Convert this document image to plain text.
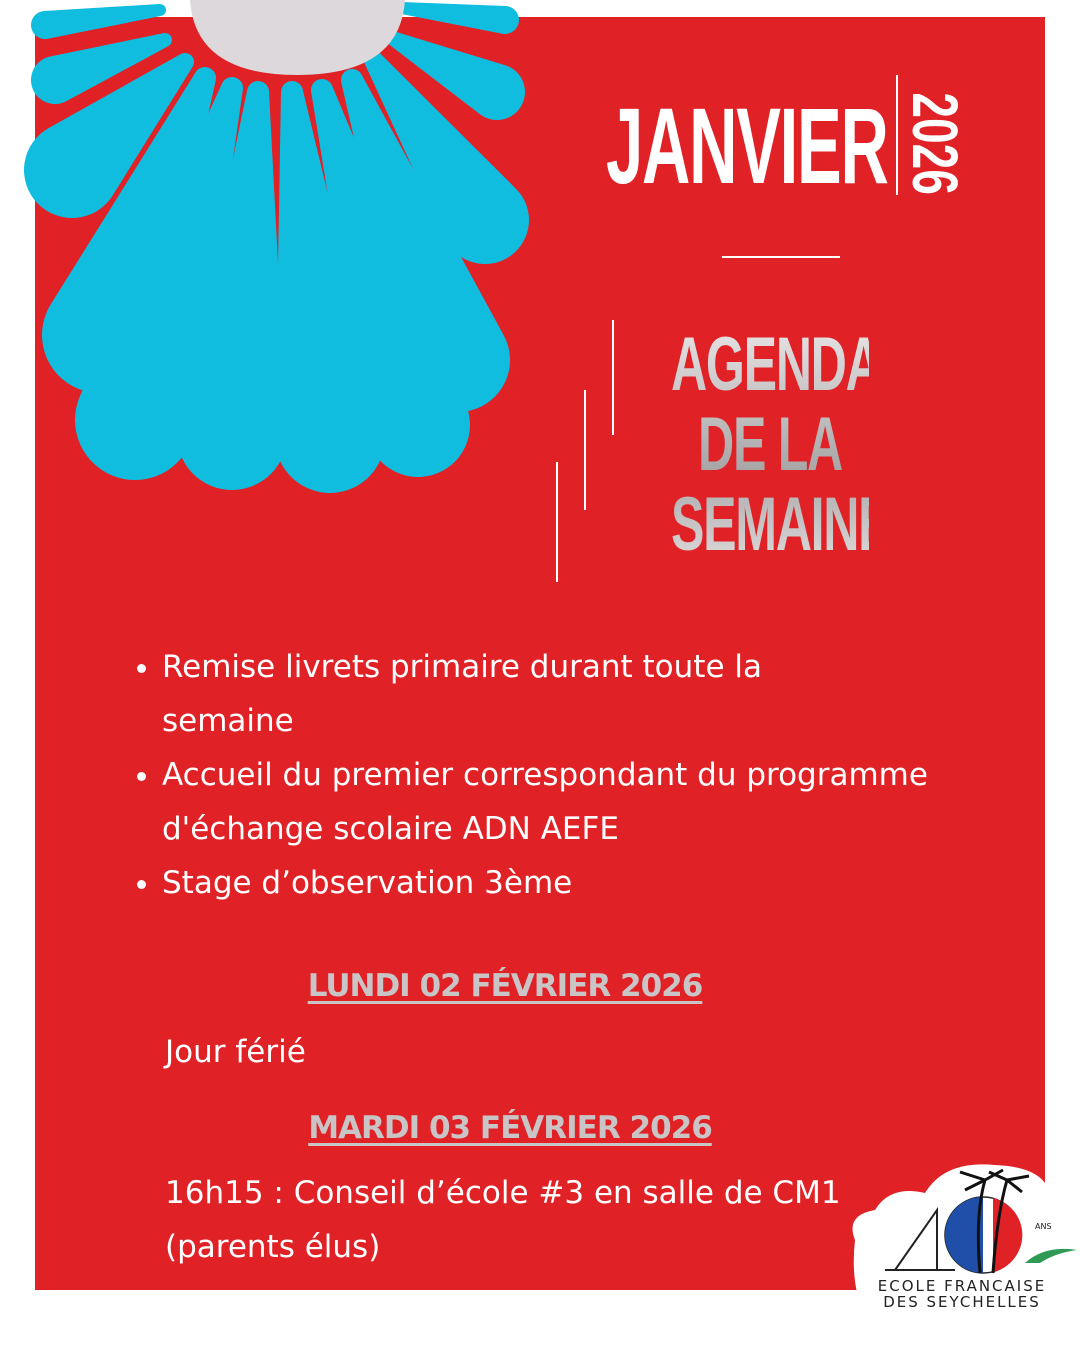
JANVIER 2026
AGENDA
DE LA
SEMAINE
• Remise livrets primaire durant toute la semaine
• Accueil du premier correspondant du programme d'échange scolaire ADN AEFE
• Stage d’observation 3ème
LUNDI 02 FÉVRIER 2026
Jour férié
MARDI 03 FÉVRIER 2026
16h15 : Conseil d’école #3 en salle de CM1
(parents élus)
ANS
ECOLE FRANCAISE
DES SEYCHELLES
